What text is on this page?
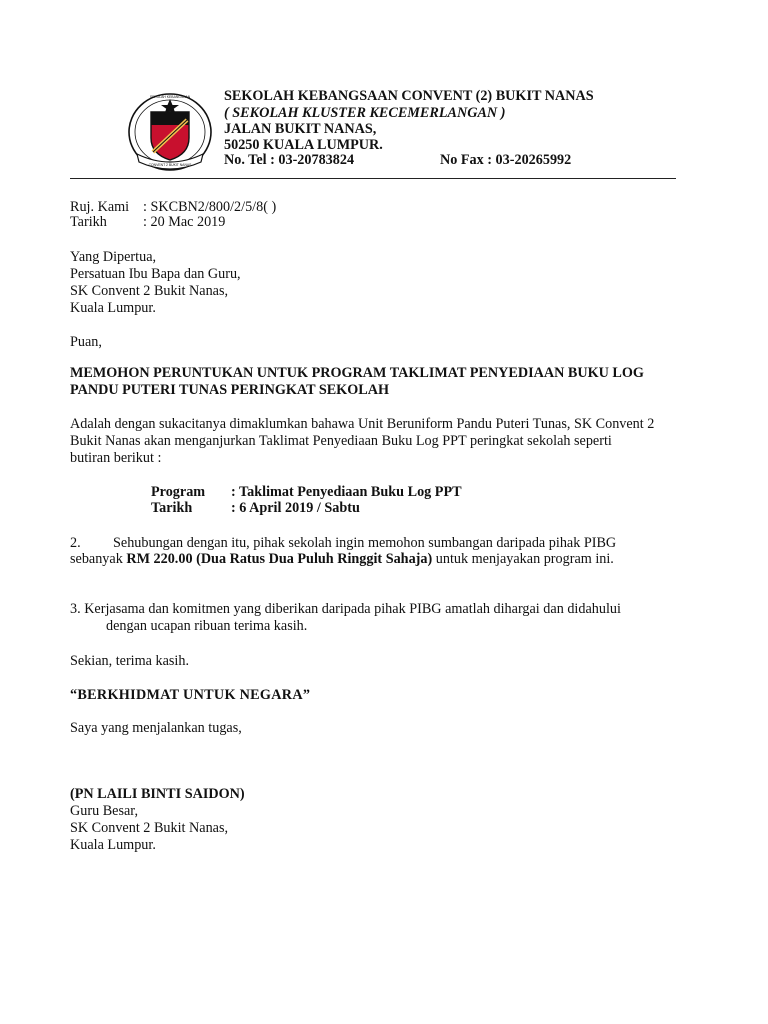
SEKOLAH KEBANGSAAN
CONVENT 2 BUKIT NANAS
SEKOLAH KEBANGSAAN CONVENT (2) BUKIT NANAS
( SEKOLAH KLUSTER KECEMERLANGAN )
JALAN BUKIT NANAS,
50250 KUALA LUMPUR.
No. Tel : 03-20783824	No Fax : 03-20265992
Ruj. Kami : SKCBN2/800/2/5/8( )
Tarikh	: 20 Mac 2019
Yang Dipertua,
Persatuan Ibu Bapa dan Guru,
SK Convent 2 Bukit Nanas,
Kuala Lumpur.
Puan,
MEMOHON PERUNTUKAN UNTUK PROGRAM TAKLIMAT PENYEDIAAN BUKU LOG
PANDU PUTERI TUNAS PERINGKAT SEKOLAH
Adalah dengan sukacitanya dimaklumkan bahawa Unit Beruniform Pandu Puteri Tunas, SK Convent 2
Bukit Nanas akan menganjurkan Taklimat Penyediaan Buku Log PPT peringkat sekolah seperti
butiran berikut :
Program : Taklimat Penyediaan Buku Log PPT
Tarikh	: 6 April 2019 / Sabtu
2. Sehubungan dengan itu, pihak sekolah ingin memohon sumbangan daripada pihak PIBG
sebanyak RM 220.00 (Dua Ratus Dua Puluh Ringgit Sahaja) untuk menjayakan program ini.
3. Kerjasama dan komitmen yang diberikan daripada pihak PIBG amatlah dihargai dan didahului
dengan ucapan ribuan terima kasih.
Sekian, terima kasih.
“BERKHIDMAT UNTUK NEGARA”
Saya yang menjalankan tugas,
(PN LAILI BINTI SAIDON)
Guru Besar,
SK Convent 2 Bukit Nanas,
Kuala Lumpur.
